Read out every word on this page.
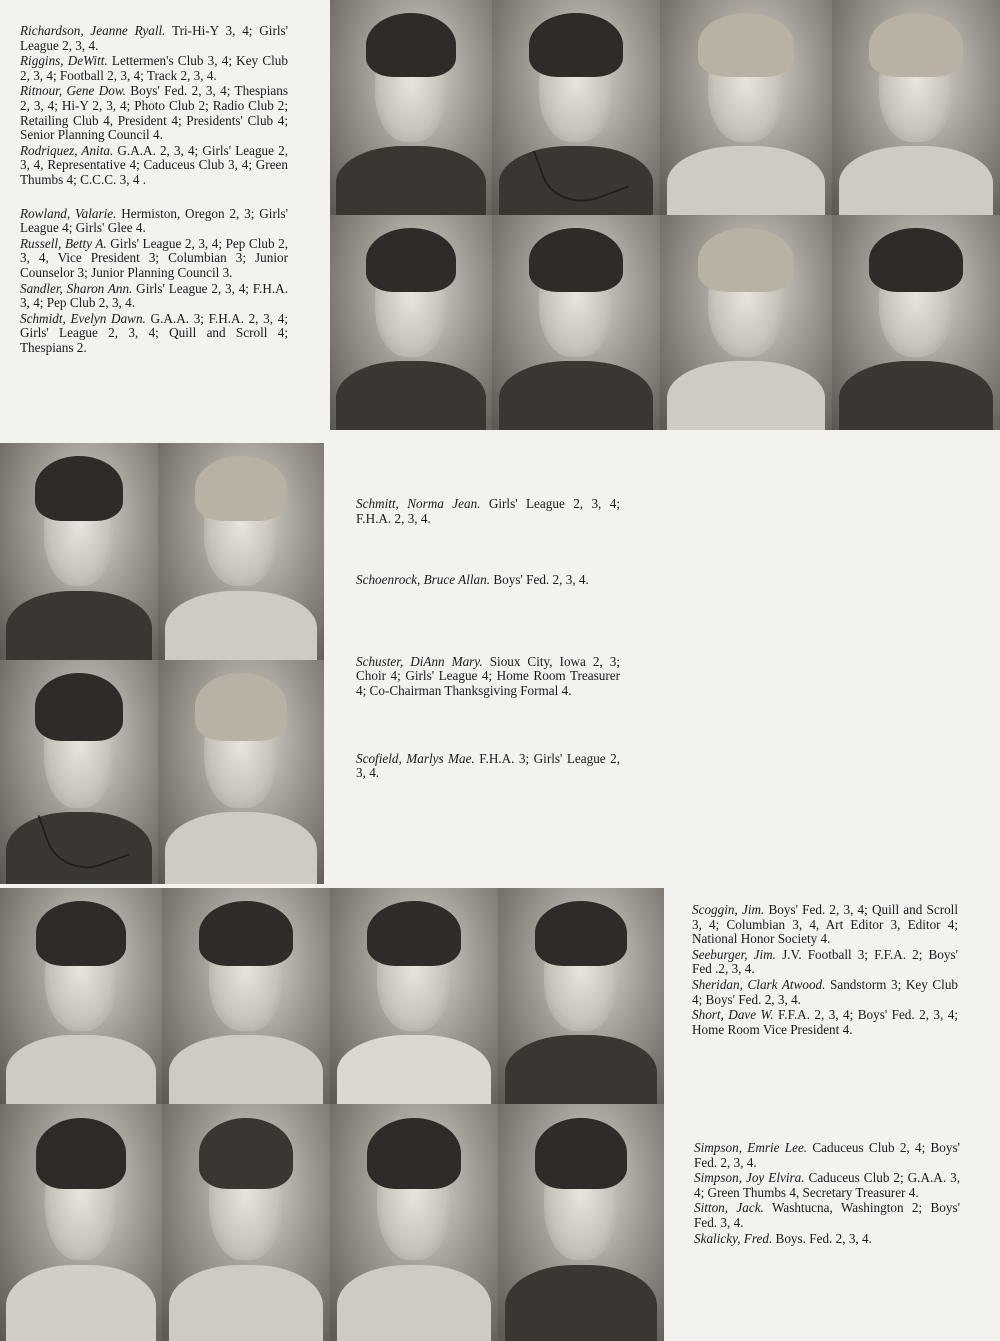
Richardson, Jeanne Ryall. Tri-Hi-Y 3, 4; Girls' League 2, 3, 4.

Riggins, DeWitt. Lettermen's Club 3, 4; Key Club 2, 3, 4; Football 2, 3, 4; Track 2, 3, 4.

Ritnour, Gene Dow. Boys' Fed. 2, 3, 4; Thespians 2, 3, 4; Hi-Y 2, 3, 4; Photo Club 2; Radio Club 2; Retailing Club 4, President 4; Presidents' Club 4; Senior Planning Council 4.

Rodriquez, Anita. G.A.A. 2, 3, 4; Girls' League 2, 3, 4, Representative 4; Caduceus Club 3, 4; Green Thumbs 4; C.C.C. 3, 4 .

Rowland, Valarie. Hermiston, Oregon 2, 3; Girls' League 4; Girls' Glee 4.

Russell, Betty A. Girls' League 2, 3, 4; Pep Club 2, 3, 4, Vice President 3; Columbian 3; Junior Counselor 3; Junior Planning Council 3.

Sandler, Sharon Ann. Girls' League 2, 3, 4; F.H.A. 3, 4; Pep Club 2, 3, 4.

Schmidt, Evelyn Dawn. G.A.A. 3; F.H.A. 2, 3, 4; Girls' League 2, 3, 4; Quill and Scroll 4; Thespians 2.

Schmitt, Norma Jean. Girls' League 2, 3, 4; F.H.A. 2, 3, 4.

Schoenrock, Bruce Allan. Boys' Fed. 2, 3, 4.

Schuster, DiAnn Mary. Sioux City, Iowa 2, 3; Choir 4; Girls' League 4; Home Room Treasurer 4; Co-Chairman Thanksgiving Formal 4.

Scofield, Marlys Mae. F.H.A. 3; Girls' League 2, 3, 4.

Scoggin, Jim. Boys' Fed. 2, 3, 4; Quill and Scroll 3, 4; Columbian 3, 4, Art Editor 3, Editor 4; National Honor Society 4.

Seeburger, Jim. J.V. Football 3; F.F.A. 2; Boys' Fed .2, 3, 4.

Sheridan, Clark Atwood. Sandstorm 3; Key Club 4; Boys' Fed. 2, 3, 4.

Short, Dave W. F.F.A. 2, 3, 4; Boys' Fed. 2, 3, 4; Home Room Vice President 4.

Simpson, Emrie Lee. Caduceus Club 2, 4; Boys' Fed. 2, 3, 4.

Simpson, Joy Elvira. Caduceus Club 2; G.A.A. 3, 4; Green Thumbs 4, Secretary Treasurer 4.

Sitton, Jack. Washtucna, Washington 2; Boys' Fed. 3, 4.

Skalicky, Fred. Boys. Fed. 2, 3, 4.
